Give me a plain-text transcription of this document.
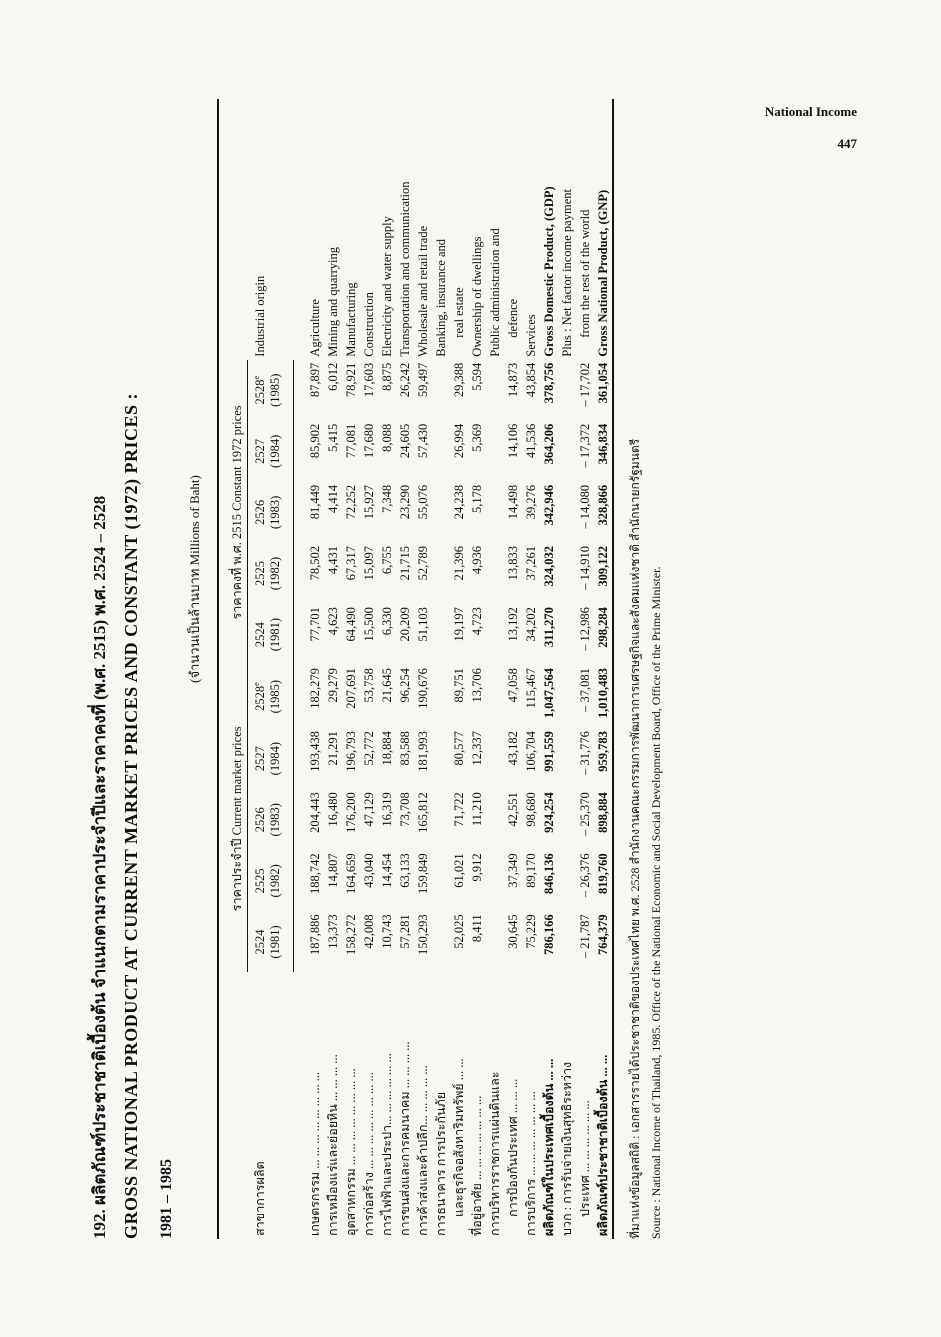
National Income
447
192. ผลิตภัณฑ์ประชาชาติเบื้องต้น จำแนกตามราคาประจำปีและราคาคงที่ (พ.ศ. 2515) พ.ศ. 2524 – 2528 GROSS NATIONAL PRODUCT AT CURRENT MARKET PRICES AND CONSTANT (1972) PRICES : 1981 – 1985
(จำนวนเป็นล้านบาท Millions of Baht)
สาขาการผลิต	ราคาประจำปี Current market prices					ราคาคงที่ พ.ศ. 2515 Constant 1972 prices					Industrial origin
	2524	2525	2526	2527	2528e	2524	2525	2526	2527	2528e
	(1981)	(1982)	(1983)	(1984)	(1985)	(1981)	(1982)	(1983)	(1984)	(1985)	
เกษตรกรรม ... ... ... ... ... ... ... ...	187,886	188,742	204,443	193,438	182,279	77,701	78,502	81,449	85,902	87,897	Agriculture
การเหมืองแร่และย่อยหิน ... ... ... ...	13,373	14,807	16,480	21,291	29,279	4,623	4,431	4,414	5,415	6,012	Mining and quarrying
อุตสาหกรรม ... ... ... ... ... ... ... ...	158,272	164,659	176,200	196,793	207,691	64,490	67,317	72,252	77,081	78,921	Manufacturing
การก่อสร้าง ... ... ... ... ... ... ... ...	42,008	43,040	47,129	52,772	53,758	15,500	15,097	15,927	17,680	17,603	Construction
การไฟฟ้าและประปา... ... ... ... ... ...	10,743	14,454	16,319	18,884	21,645	6,330	6,755	7,348	8,088	8,875	Electricity and water supply
การขนส่งและการคมนาคม ... ... ... ...	57,281	63,133	73,708	83,588	96,254	20,209	21,715	23,290	24,605	26,242	Transportation and communication
การค้าส่งและค้าปลีก... ... ... ... ...	150,293	159,849	165,812	181,993	190,676	51,103	52,789	55,076	57,430	59,497	Wholesale and retail trade
การธนาคาร การประกันภัย											Banking, insurance and
และธุรกิจอสังหาริมทรัพย์ ... ...	52,025	61,021	71,722	80,577	89,751	19,197	21,396	24,238	26,994	29,388	real estate
ที่อยู่อาศัย ... ... ... ... ... ... ...	8,411	9,912	11,210	12,337	13,706	4,723	4,936	5,178	5,369	5,594	Ownership of dwellings
การบริหารราชการแผ่นดินและ											Public administration and
การป้องกันประเทศ ... ... ...	30,645	37,349	42,551	43,182	47,058	13,192	13,833	14,498	14,106	14,873	defence
การบริการ ... ... ... ... ... ... ...	75,229	89,170	98,680	106,704	115,467	34,202	37,261	39,276	41,536	43,854	Services
ผลิตภัณฑ์ในประเทศเบื้องต้น ... ...	786,166	846,136	924,254	991,559	1,047,564	311,270	324,032	342,946	364,206	378,756	Gross Domestic Product, (GDP)
บวก : การรับจ่ายเงินสุทธิระหว่าง											Plus : Net factor income payment
ประเทศ ... ... ... ... ... ...	– 21,787	– 26,376	– 25,370	– 31,776	– 37,081	– 12,986	– 14,910	– 14,080	– 17,372	– 17,702	from the rest of the world
ผลิตภัณฑ์ประชาชาติเบื้องต้น ... ...	764,379	819,760	898,884	959,783	1,010,483	298,284	309,122	328,866	346,834	361,054	Gross National Product, (GNP)
ที่มาแห่งข้อมูลสถิติ : เอกสารรายได้ประชาชาติของประเทศไทย พ.ศ. 2528 สำนักงานคณะกรรมการพัฒนาการเศรษฐกิจและสังคมแห่งชาติ สำนักนายกรัฐมนตรี Source : National Income of Thailand, 1985. Office of the National Economic and Social Development Board, Office of the Prime Minister.
